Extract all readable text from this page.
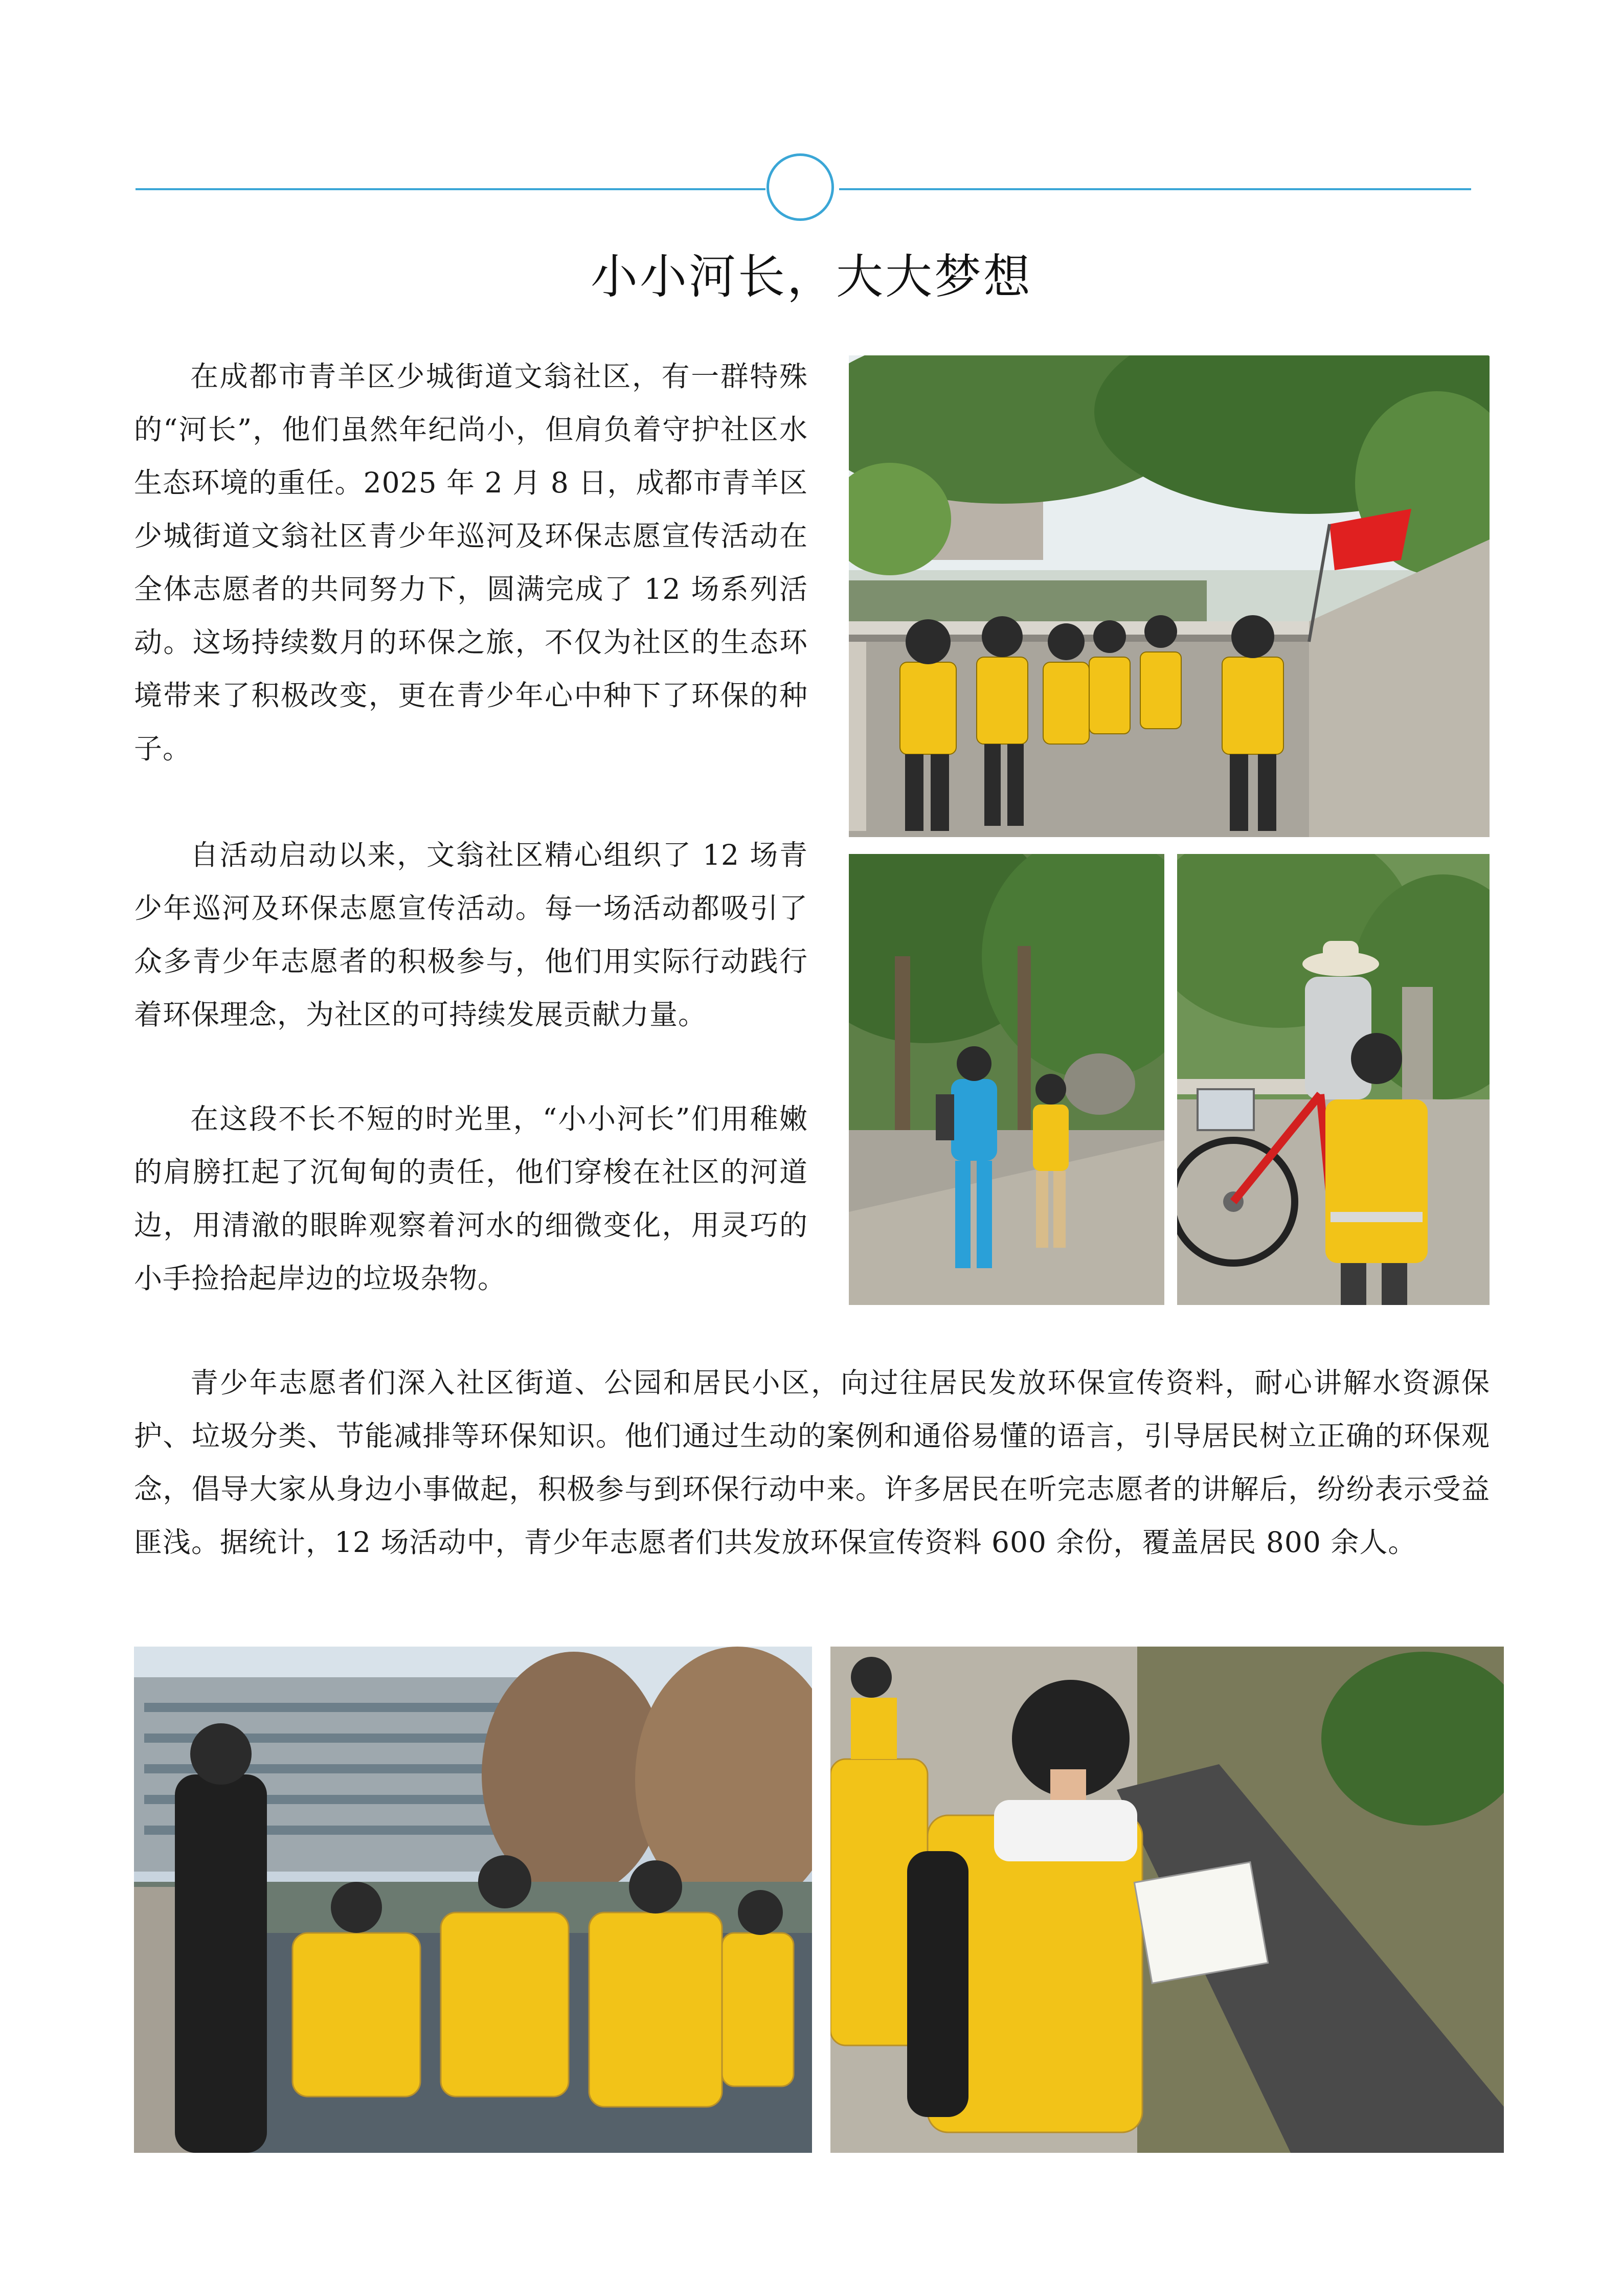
小小河长，大大梦想

在成都市青羊区少城街道文翁社区，有一群特殊的“河长”，他们虽然年纪尚小，但肩负着守护社区水生态环境的重任。2025 年 2 月 8 日，成都市青羊区少城街道文翁社区青少年巡河及环保志愿宣传活动在全体志愿者的共同努力下，圆满完成了 12 场系列活动。这场持续数月的环保之旅，不仅为社区的生态环境带来了积极改变，更在青少年心中种下了环保的种子。

自活动启动以来，文翁社区精心组织了 12 场青少年巡河及环保志愿宣传活动。每一场活动都吸引了众多青少年志愿者的积极参与，他们用实际行动践行着环保理念，为社区的可持续发展贡献力量。

在这段不长不短的时光里，“小小河长”们用稚嫩的肩膀扛起了沉甸甸的责任，他们穿梭在社区的河道边，用清澈的眼眸观察着河水的细微变化，用灵巧的小手捡拾起岸边的垃圾杂物。

青少年志愿者们深入社区街道、公园和居民小区，向过往居民发放环保宣传资料，耐心讲解水资源保护、垃圾分类、节能减排等环保知识。他们通过生动的案例和通俗易懂的语言，引导居民树立正确的环保观念，倡导大家从身边小事做起，积极参与到环保行动中来。许多居民在听完志愿者的讲解后，纷纷表示受益匪浅。据统计，12 场活动中，青少年志愿者们共发放环保宣传资料 600 余份，覆盖居民 800 余人。
